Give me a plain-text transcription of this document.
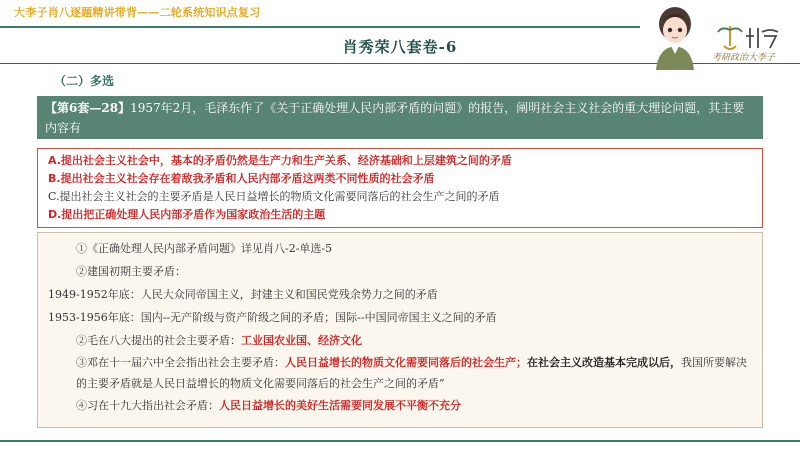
大李子肖八逐题精讲带背——二轮系统知识点复习
肖秀荣八套卷-6
考研政治大李子
（二）多选
【第6套—28】1957年2月，毛泽东作了《关于正确处理人民内部矛盾的问题》的报告，阐明社会主义社会的重大理论问题，其主要内容有
A.提出社会主义社会中，基本的矛盾仍然是生产力和生产关系、经济基础和上层建筑之间的矛盾
B.提出社会主义社会存在着敌我矛盾和人民内部矛盾这两类不同性质的社会矛盾
C.提出社会主义社会的主要矛盾是人民日益增长的物质文化需要同落后的社会生产之间的矛盾
D.提出把正确处理人民内部矛盾作为国家政治生活的主题
①《正确处理人民内部矛盾问题》详见肖八-2-单选-5
②建国初期主要矛盾：
1949-1952年底：人民大众同帝国主义，封建主义和国民党残余势力之间的矛盾
1953-1956年底：国内--无产阶级与资产阶级之间的矛盾；国际--中国同帝国主义之间的矛盾
②毛在八大提出的社会主要矛盾：工业国农业国、经济文化
③邓在十一届六中全会指出社会主要矛盾：人民日益增长的物质文化需要同落后的社会生产；在社会主义改造基本完成以后，我国所要解决的主要矛盾就是人民日益增长的物质文化需要同落后的社会生产之间的矛盾”
④习在十九大指出社会矛盾：人民日益增长的美好生活需要同发展不平衡不充分
